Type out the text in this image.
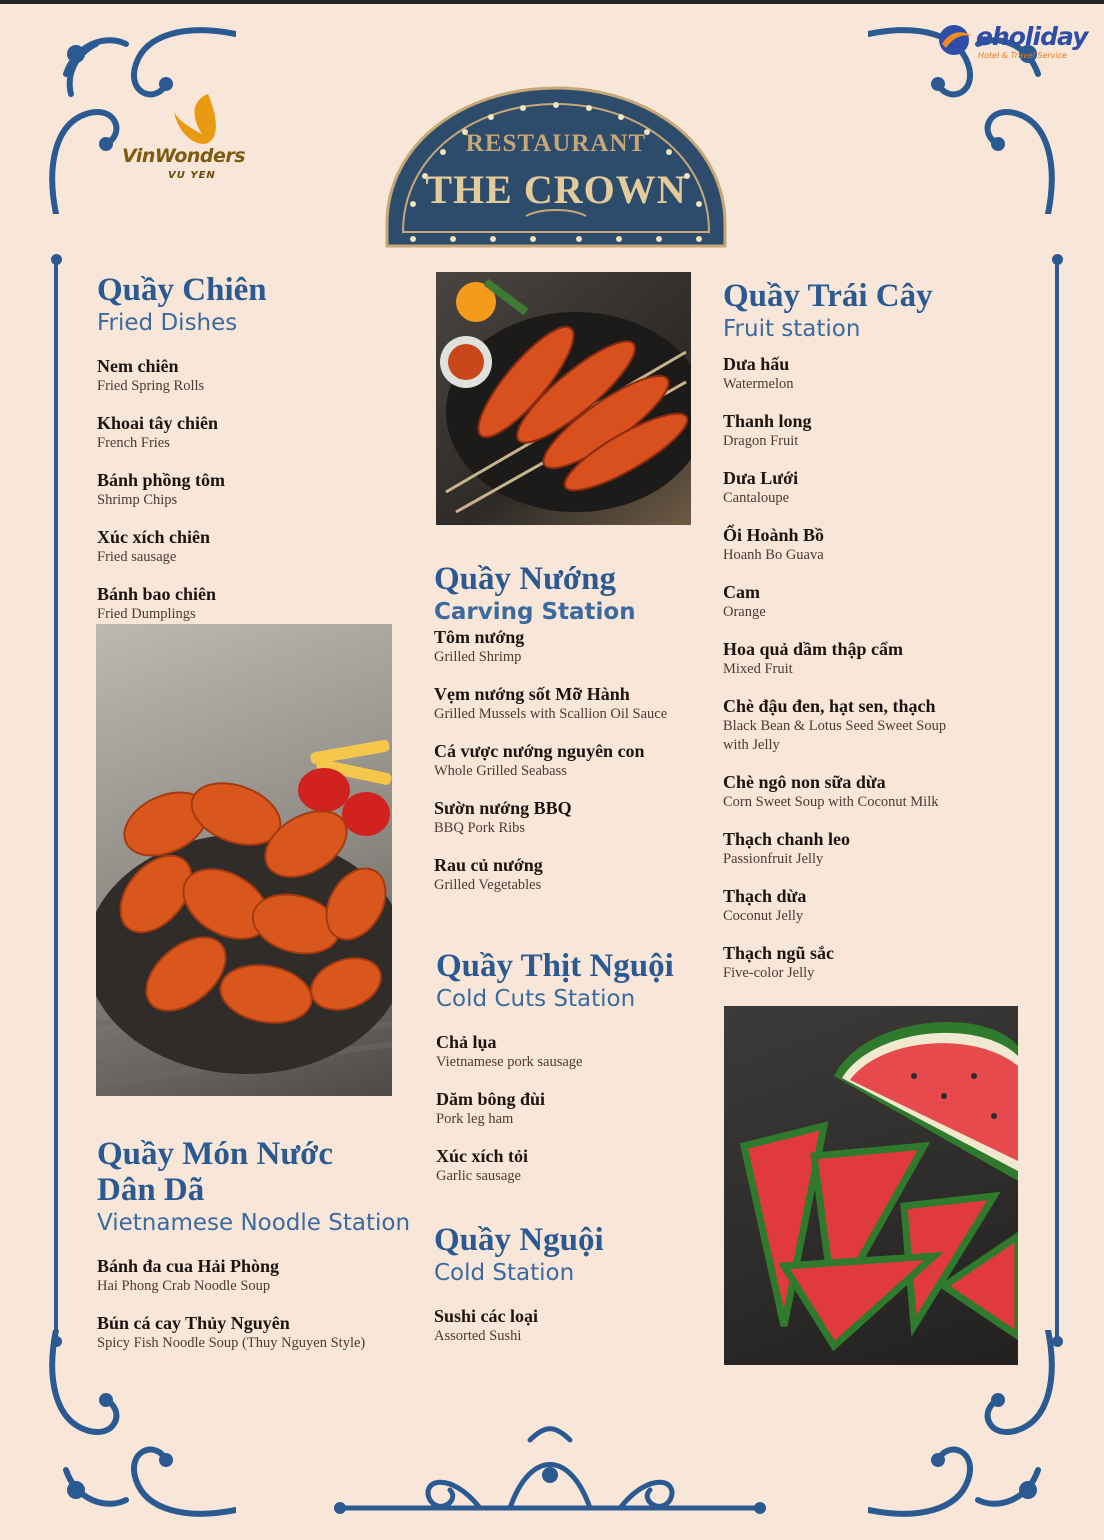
eholiday
Hotel & Travel Service
VinWonders
VU YEN
RESTAURANT
THE CROWN
Quầy Chiên
Fried Dishes
Nem chiên
Fried Spring Rolls
Khoai tây chiên
French Fries
Bánh phồng tôm
Shrimp Chips
Xúc xích chiên
Fried sausage
Bánh bao chiên
Fried Dumplings
Quầy Món Nước
Dân Dã
Vietnamese Noodle Station
Bánh đa cua Hải Phòng
Hai Phong Crab Noodle Soup
Bún cá cay Thủy Nguyên
Spicy Fish Noodle Soup (Thuy Nguyen Style)
Quầy Nướng
Carving Station
Tôm nướng
Grilled Shrimp
Vẹm nướng sốt Mỡ Hành
Grilled Mussels with Scallion Oil Sauce
Cá vược nướng nguyên con
Whole Grilled Seabass
Sườn nướng BBQ
BBQ Pork Ribs
Rau củ nướng
Grilled Vegetables
Quầy Thịt Nguội
Cold Cuts Station
Chả lụa
Vietnamese pork sausage
Dăm bông đùi
Pork leg ham
Xúc xích tỏi
Garlic sausage
Quầy Nguội
Cold Station
Sushi các loại
Assorted Sushi
Quầy Trái Cây
Fruit station
Dưa hấu
Watermelon
Thanh long
Dragon Fruit
Dưa Lưới
Cantaloupe
Ổi Hoành Bồ
Hoanh Bo Guava
Cam
Orange
Hoa quả dầm thập cẩm
Mixed Fruit
Chè đậu đen, hạt sen, thạch
Black Bean & Lotus Seed Sweet Soup with Jelly
Chè ngô non sữa dừa
Corn Sweet Soup with Coconut Milk
Thạch chanh leo
Passionfruit Jelly
Thạch dừa
Coconut Jelly
Thạch ngũ sắc
Five-color Jelly
